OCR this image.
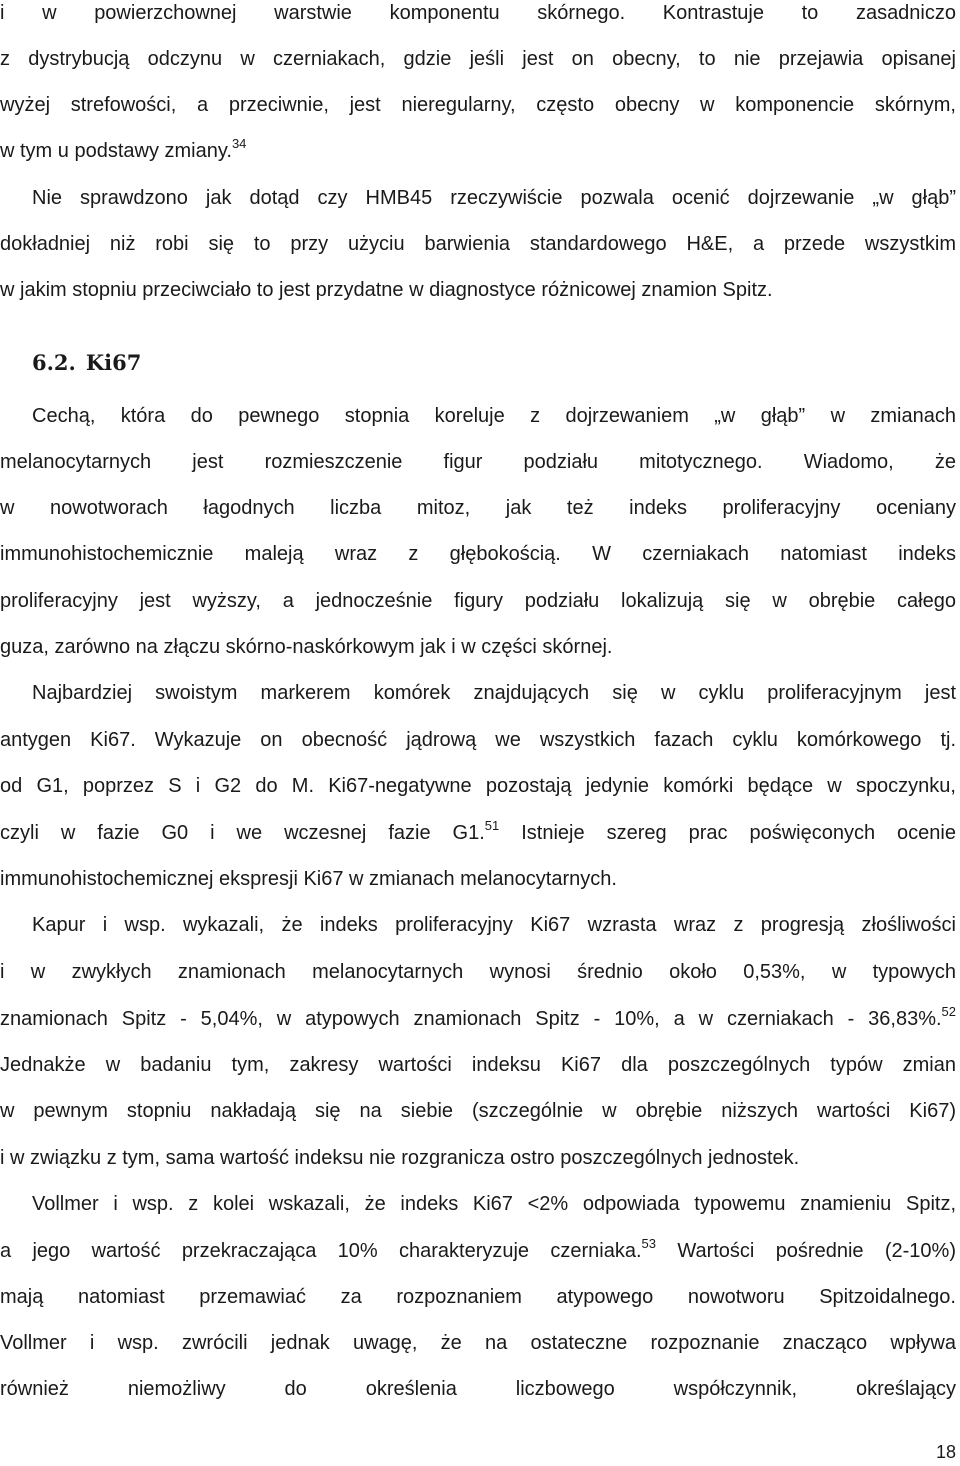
i w powierzchownej warstwie komponentu skórnego. Kontrastuje to zasadniczo
z dystrybucją odczynu w czerniakach, gdzie jeśli jest on obecny, to nie przejawia opisanej
wyżej strefowości, a przeciwnie, jest nieregularny, często obecny w komponencie skórnym,
w tym u podstawy zmiany.$^{34}$
Nie sprawdzono jak dotąd czy HMB45 rzeczywiście pozwala ocenić dojrzewanie „w głąb”
dokładniej niż robi się to przy użyciu barwienia standardowego H&E, a przede wszystkim
w jakim stopniu przeciwciało to jest przydatne w diagnostyce różnicowej znamion Spitz.
6.2. Ki67
Cechą, która do pewnego stopnia koreluje z dojrzewaniem „w głąb” w zmianach
melanocytarnych jest rozmieszczenie figur podziału mitotycznego. Wiadomo, że
w nowotworach łagodnych liczba mitoz, jak też indeks proliferacyjny oceniany
immunohistochemicznie maleją wraz z głębokością. W czerniakach natomiast indeks
proliferacyjny jest wyższy, a jednocześnie figury podziału lokalizują się w obrębie całego
guza, zarówno na złączu skórno-naskórkowym jak i w części skórnej.
Najbardziej swoistym markerem komórek znajdujących się w cyklu proliferacyjnym jest
antygen Ki67. Wykazuje on obecność jądrową we wszystkich fazach cyklu komórkowego tj.
od G1, poprzez S i G2 do M. Ki67-negatywne pozostają jedynie komórki będące w spoczynku,
czyli w fazie G0 i we wczesnej fazie G1.51 Istnieje szereg prac poświęconych ocenie
immunohistochemicznej ekspresji Ki67 w zmianach melanocytarnych.
Kapur i wsp. wykazali, że indeks proliferacyjny Ki67 wzrasta wraz z progresją złośliwości
i w zwykłych znamionach melanocytarnych wynosi średnio około 0,53%, w typowych
znamionach Spitz - 5,04%, w atypowych znamionach Spitz - 10%, a w czerniakach - 36,83%.$^{52}$
Jednakże w badaniu tym, zakresy wartości indeksu Ki67 dla poszczególnych typów zmian
w pewnym stopniu nakładają się na siebie (szczególnie w obrębie niższych wartości Ki67)
i w związku z tym, sama wartość indeksu nie rozgranicza ostro poszczególnych jednostek.
Vollmer i wsp. z kolei wskazali, że indeks Ki67 <2% odpowiada typowemu znamieniu Spitz,
a jego wartość przekraczająca 10% charakteryzuje czerniaka.$^{53}$ Wartości pośrednie (2-10%)
mają natomiast przemawiać za rozpoznaniem atypowego nowotworu Spitzoidalnego.
Vollmer i wsp. zwrócili jednak uwagę, że na ostateczne rozpoznanie znacząco wpływa
również niemożliwy do określenia liczbowego współczynnik, określający
18
